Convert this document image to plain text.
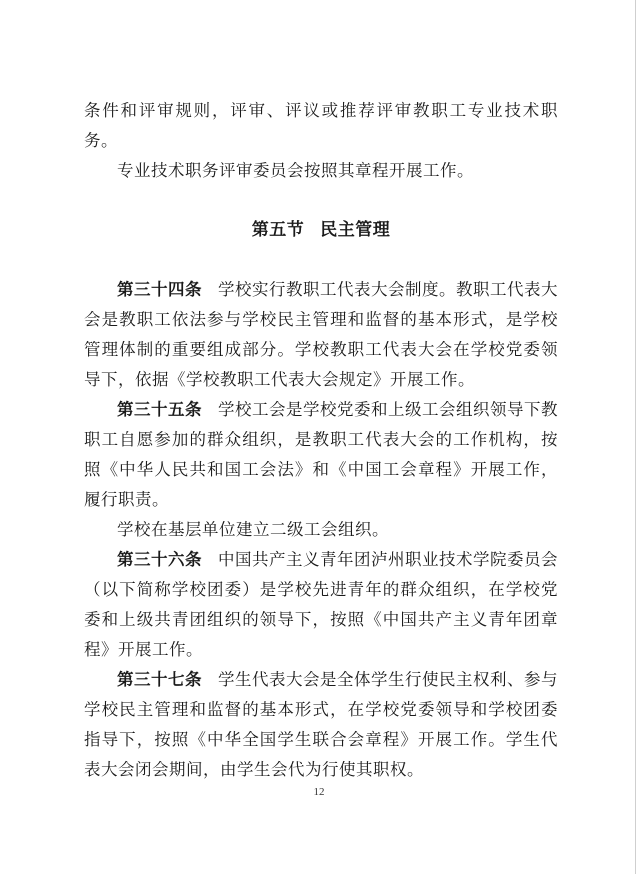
条件和评审规则，评审、评议或推荐评审教职工专业技术职务。

专业技术职务评审委员会按照其章程开展工作。

第五节 民主管理

第三十四条 学校实行教职工代表大会制度。教职工代表大会是教职工依法参与学校民主管理和监督的基本形式，是学校管理体制的重要组成部分。学校教职工代表大会在学校党委领导下，依据《学校教职工代表大会规定》开展工作。

第三十五条 学校工会是学校党委和上级工会组织领导下教职工自愿参加的群众组织，是教职工代表大会的工作机构，按照《中华人民共和国工会法》和《中国工会章程》开展工作，履行职责。

学校在基层单位建立二级工会组织。

第三十六条 中国共产主义青年团泸州职业技术学院委员会（以下简称学校团委）是学校先进青年的群众组织，在学校党委和上级共青团组织的领导下，按照《中国共产主义青年团章程》开展工作。

第三十七条 学生代表大会是全体学生行使民主权利、参与学校民主管理和监督的基本形式，在学校党委领导和学校团委指导下，按照《中华全国学生联合会章程》开展工作。学生代表大会闭会期间，由学生会代为行使其职权。

12
